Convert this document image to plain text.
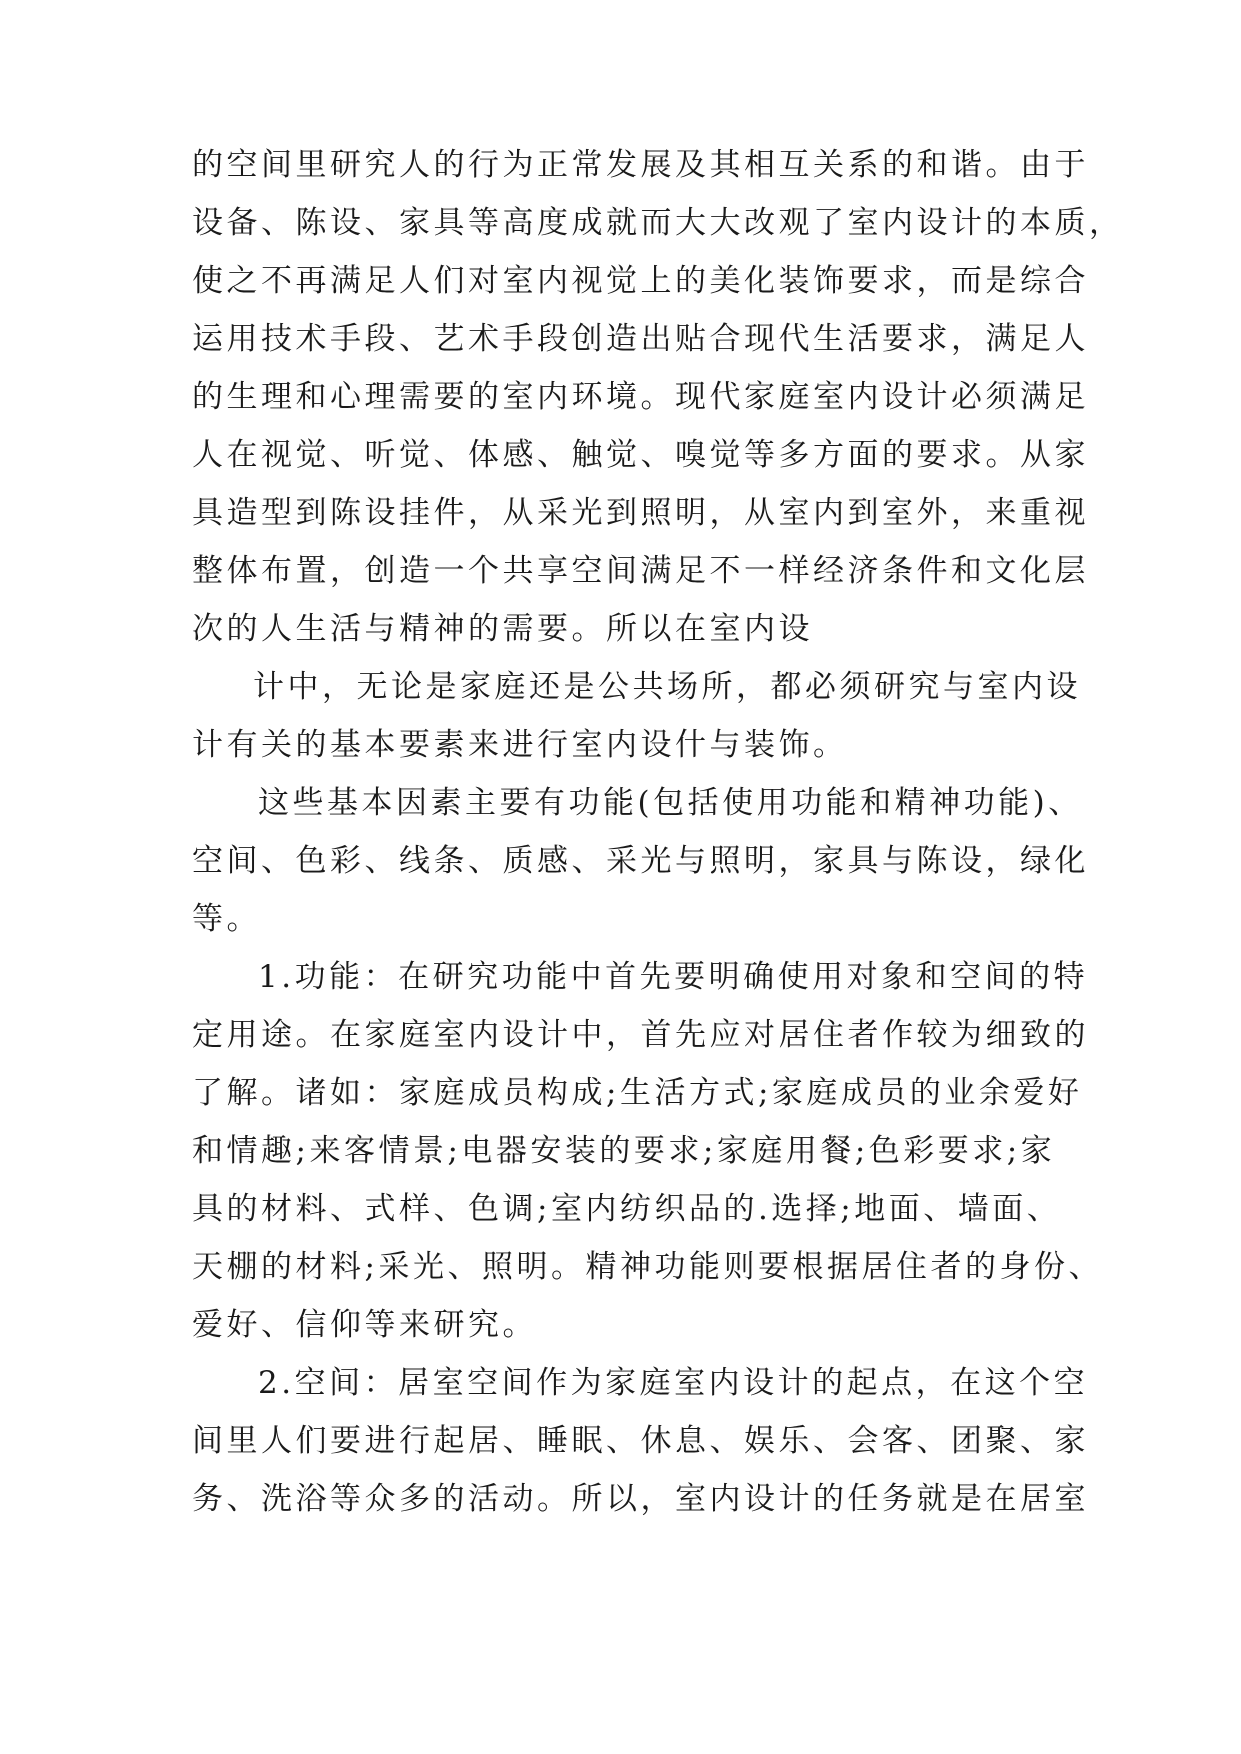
的空间里研究人的行为正常发展及其相互关系的和谐。由于
设备、陈设、家具等高度成就而大大改观了室内设计的本质，
使之不再满足人们对室内视觉上的美化装饰要求，而是综合
运用技术手段、艺术手段创造出贴合现代生活要求，满足人
的生理和心理需要的室内环境。现代家庭室内设计必须满足
人在视觉、听觉、体感、触觉、嗅觉等多方面的要求。从家
具造型到陈设挂件，从采光到照明，从室内到室外，来重视
整体布置，创造一个共享空间满足不一样经济条件和文化层
次的人生活与精神的需要。所以在室内设
计中，无论是家庭还是公共场所，都必须研究与室内设
计有关的基本要素来进行室内设什与装饰。
这些基本因素主要有功能(包括使用功能和精神功能)、
空间、色彩、线条、质感、采光与照明，家具与陈设，绿化
等。
1.功能：在研究功能中首先要明确使用对象和空间的特
定用途。在家庭室内设计中，首先应对居住者作较为细致的
了解。诸如：家庭成员构成;生活方式;家庭成员的业余爱好
和情趣;来客情景;电器安装的要求;家庭用餐;色彩要求;家
具的材料、式样、色调;室内纺织品的.选择;地面、墙面、
天棚的材料;采光、照明。精神功能则要根据居住者的身份、
爱好、信仰等来研究。
2.空间：居室空间作为家庭室内设计的起点，在这个空
间里人们要进行起居、睡眠、休息、娱乐、会客、团聚、家
务、洗浴等众多的活动。所以，室内设计的任务就是在居室
